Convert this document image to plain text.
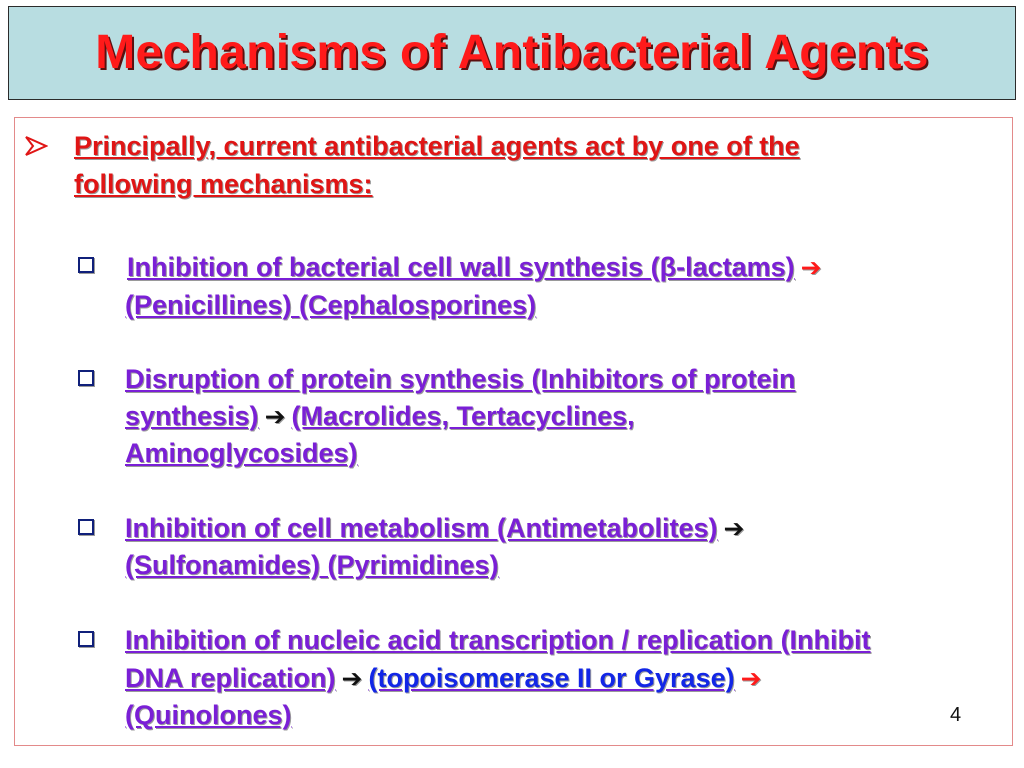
Mechanisms of Antibacterial Agents

Principally, current antibacterial agents act by one of the

following mechanisms:

Inhibition of bacterial cell wall synthesis (β-lactams) ➔

(Penicillines) (Cephalosporines)

Disruption of protein synthesis (Inhibitors of protein

synthesis) ➔ (Macrolides, Tertacyclines,

Aminoglycosides)

Inhibition of cell metabolism (Antimetabolites) ➔

(Sulfonamides) (Pyrimidines)

Inhibition of nucleic acid transcription / replication (Inhibit

DNA replication) ➔ (topoisomerase II or Gyrase) ➔

(Quinolones)	4
